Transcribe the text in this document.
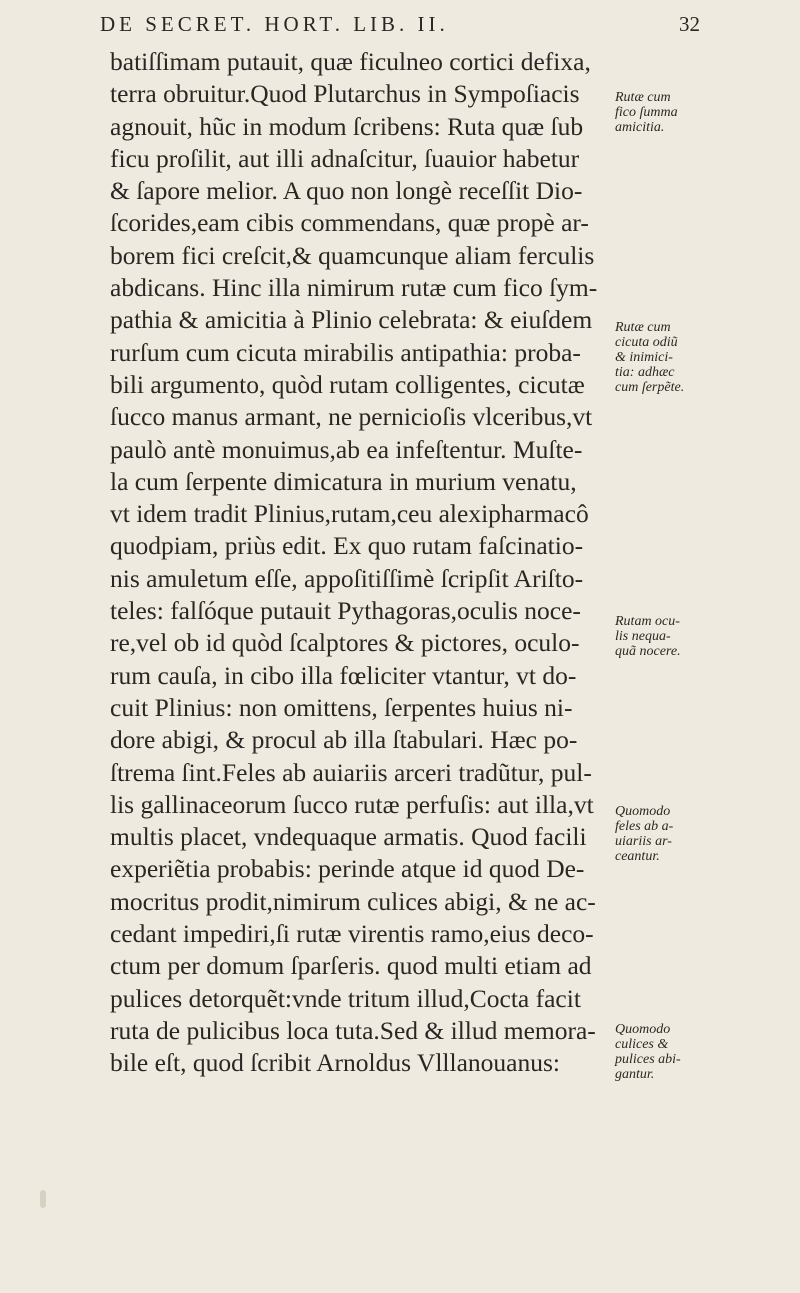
DE SECRET. HORT. LIB. II.	32
batiſſimam putauit, quæ ficulneo cortici defixa,
terra obruitur.Quod Plutarchus in Sympoſiacis
agnouit, hũc in modum ſcribens: Ruta quæ ſub
ficu proſilit, aut illi adnaſcitur, ſuauior habetur
& ſapore melior. A quo non longè receſſit Dio-
ſcorides,eam cibis commendans, quæ propè ar-
borem fici creſcit,& quamcunque aliam ferculis
abdicans. Hinc illa nimirum rutæ cum fico ſym-
pathia & amicitia à Plinio celebrata: & eiuſdem
rurſum cum cicuta mirabilis antipathia: proba-
bili argumento, quòd rutam colligentes, cicutæ
ſucco manus armant, ne pernicioſis vlceribus,vt
paulò antè monuimus,ab ea infeſtentur. Muſte-
la cum ſerpente dimicatura in murium venatu,
vt idem tradit Plinius,rutam,ceu alexipharmacô
quodpiam, priùs edit. Ex quo rutam faſcinatio-
nis amuletum eſſe, appoſitiſſimè ſcripſit Ariſto-
teles: falſóque putauit Pythagoras,oculis noce-
re,vel ob id quòd ſcalptores & pictores, oculo-
rum cauſa, in cibo illa fœliciter vtantur, vt do-
cuit Plinius: non omittens, ſerpentes huius ni-
dore abigi, & procul ab illa ſtabulari. Hæc po-
ſtrema ſint.Feles ab auiariis arceri tradũtur, pul-
lis gallinaceorum ſucco rutæ perfuſis: aut illa,vt
multis placet, vndequaque armatis. Quod facili
experiẽtia probabis: perinde atque id quod De-
mocritus prodit,nimirum culices abigi, & ne ac-
cedant impediri,ſi rutæ virentis ramo,eius deco-
ctum per domum ſparſeris. quod multi etiam ad
pulices detorquẽt:vnde tritum illud,Cocta facit
ruta de pulicibus loca tuta.Sed & illud memora-
bile eſt, quod ſcribit Arnoldus Vlllanouanus:
Rutæ cum
fico ſumma
amicitia.
Rutæ cum
cicuta odiũ
& inimici-
tia: adhæc
cum ſerpẽte.
Rutam ocu-
lis nequa-
quã nocere.
Quomodo
feles ab a-
uiariis ar-
ceantur.
Quomodo
culices &
pulices abi-
gantur.
